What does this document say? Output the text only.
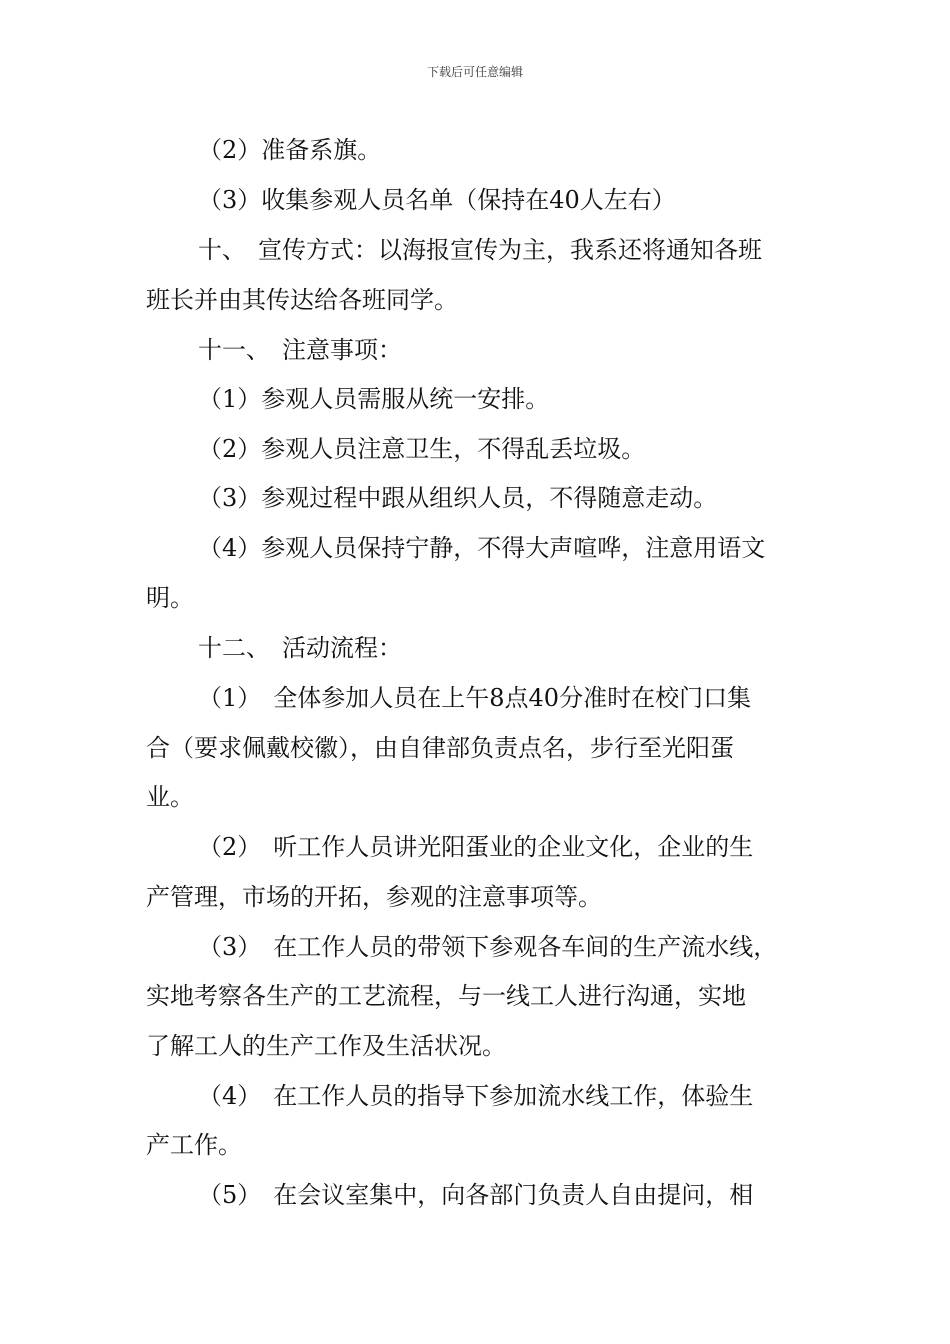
下载后可任意编辑
（2）准备系旗。
（3）收集参观人员名单（保持在40人左右）
十、　宣传方式：以海报宣传为主，我系还将通知各班
班长并由其传达给各班同学。
十一、　注意事项：
（1）参观人员需服从统一安排。
（2）参观人员注意卫生，不得乱丢垃圾。
（3）参观过程中跟从组织人员，不得随意走动。
（4）参观人员保持宁静，不得大声喧哗，注意用语文
明。
十二、　活动流程：
（1）　全体参加人员在上午8点40分准时在校门口集
合（要求佩戴校徽），由自律部负责点名，步行至光阳蛋
业。
（2）　听工作人员讲光阳蛋业的企业文化，企业的生
产管理，市场的开拓，参观的注意事项等。
（3）　在工作人员的带领下参观各车间的生产流水线，
实地考察各生产的工艺流程，与一线工人进行沟通，实地
了解工人的生产工作及生活状况。
（4）　在工作人员的指导下参加流水线工作，体验生
产工作。
（5）　在会议室集中，向各部门负责人自由提问，相
